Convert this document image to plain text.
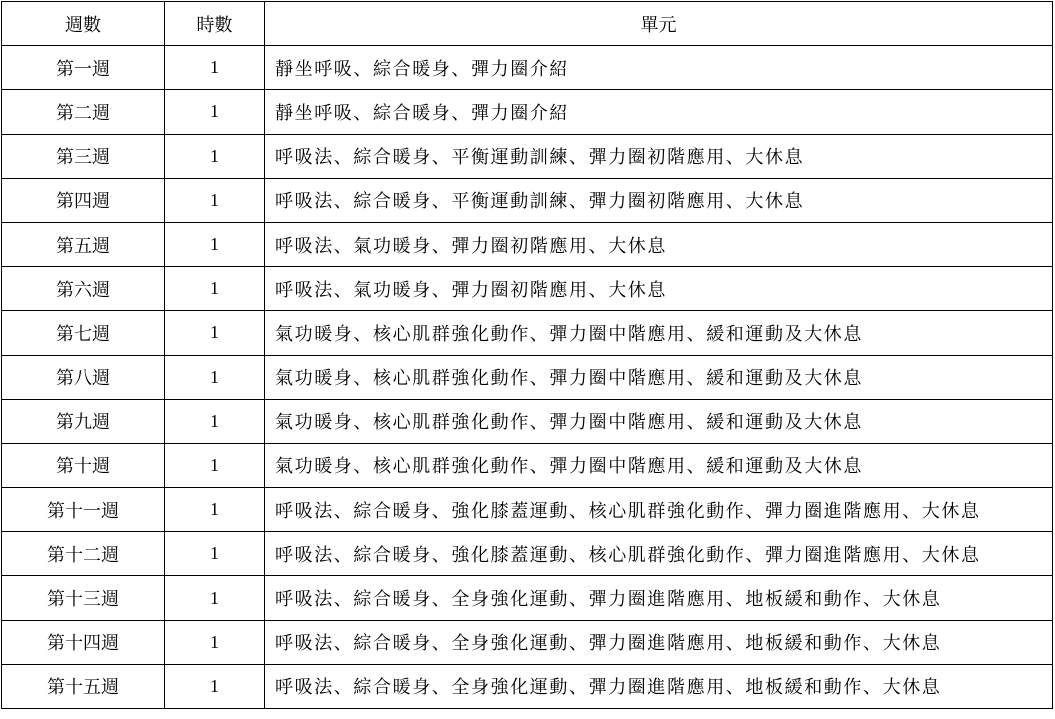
週數	時數	單元
第一週	1	靜坐呼吸、綜合暖身、彈力圈介紹
第二週	1	靜坐呼吸、綜合暖身、彈力圈介紹
第三週	1	呼吸法、綜合暖身、平衡運動訓練、彈力圈初階應用、大休息
第四週	1	呼吸法、綜合暖身、平衡運動訓練、彈力圈初階應用、大休息
第五週	1	呼吸法、氣功暖身、彈力圈初階應用、大休息
第六週	1	呼吸法、氣功暖身、彈力圈初階應用、大休息
第七週	1	氣功暖身、核心肌群強化動作、彈力圈中階應用、緩和運動及大休息
第八週	1	氣功暖身、核心肌群強化動作、彈力圈中階應用、緩和運動及大休息
第九週	1	氣功暖身、核心肌群強化動作、彈力圈中階應用、緩和運動及大休息
第十週	1	氣功暖身、核心肌群強化動作、彈力圈中階應用、緩和運動及大休息
第十一週	1	呼吸法、綜合暖身、強化膝蓋運動、核心肌群強化動作、彈力圈進階應用、大休息
第十二週	1	呼吸法、綜合暖身、強化膝蓋運動、核心肌群強化動作、彈力圈進階應用、大休息
第十三週	1	呼吸法、綜合暖身、全身強化運動、彈力圈進階應用、地板緩和動作、大休息
第十四週	1	呼吸法、綜合暖身、全身強化運動、彈力圈進階應用、地板緩和動作、大休息
第十五週	1	呼吸法、綜合暖身、全身強化運動、彈力圈進階應用、地板緩和動作、大休息
